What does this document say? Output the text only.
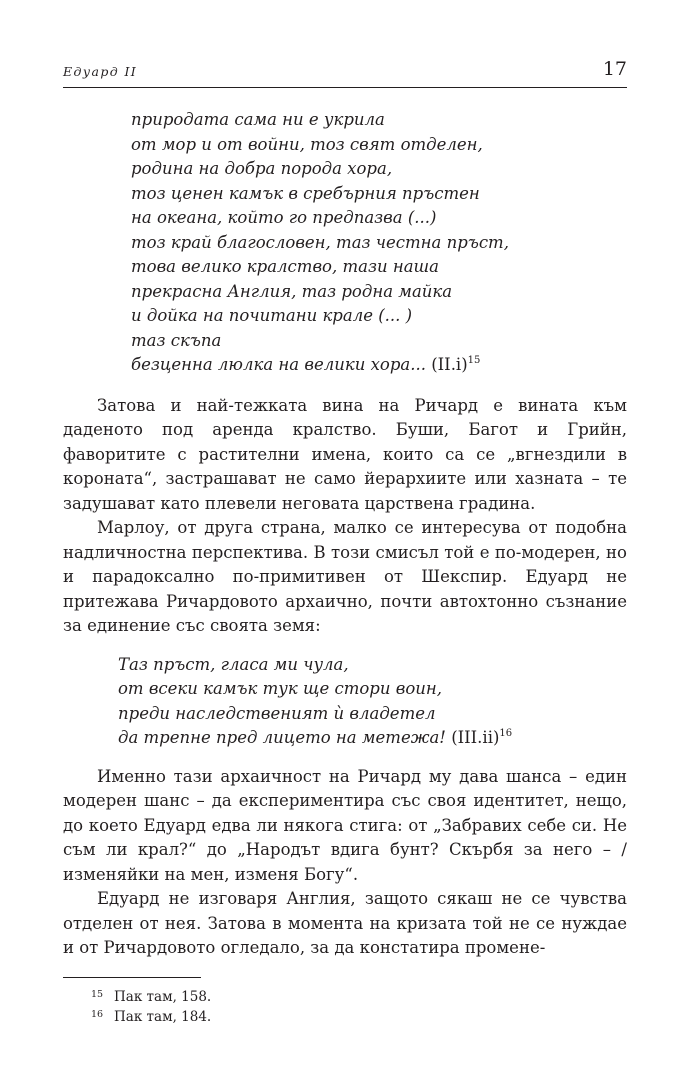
Едуард II	17
природата сама ни е укрила
от мор и от войни, тоз свят отделен,
родина на добра порода хора,
тоз ценен камък в сребърния пръстен
на океана, който го предпазва (...)
тоз край благословен, таз честна пръст,
това велико кралство, тази наша
прекрасна Англия, таз родна майка
и дойка на почитани крале (... )
таз скъпа
безценна люлка на велики хора... $(II.i)^{15}$

Затова и най-тежката вина на Ричард е вината към даденото под аренда кралство. Буши, Багот и Грийн, фаворитите с растителни имена, които са се „вгнездили в короната“, застрашават не само йерархиите или хазната – те задушават като плевели неговата царствена градина.

Марлоу, от друга страна, малко се интересува от подобна надличностна перспектива. В този смисъл той е по-модерен, но и парадоксално по-примитивен от Шекспир. Едуард не притежава Ричардовото архаично, почти автохтонно съзнание за единение със своята земя:

Таз пръст, гласа ми чула,
от всеки камък тук ще стори воин,
преди наследственият ѝ владетел
да трепне пред лицето на метежа! $(III.ii)^{16}$

Именно тази архаичност на Ричард му дава шанса – един модерен шанс – да експериментира със своя идентитет, нещо, до което Едуард едва ли някога стига: от „Забравих себе си. Не съм ли крал?“ до „Народът вдига бунт? Скърбя за него – / изменяйки на мен, изменя Богу“.

Едуард не изговаря Англия, защото сякаш не се чувства отделен от нея. Затова в момента на кризата той не се нуждае и от Ричардовото огледало, за да констатира промене-

15 Пак там, 158.
16 Пак там, 184.
